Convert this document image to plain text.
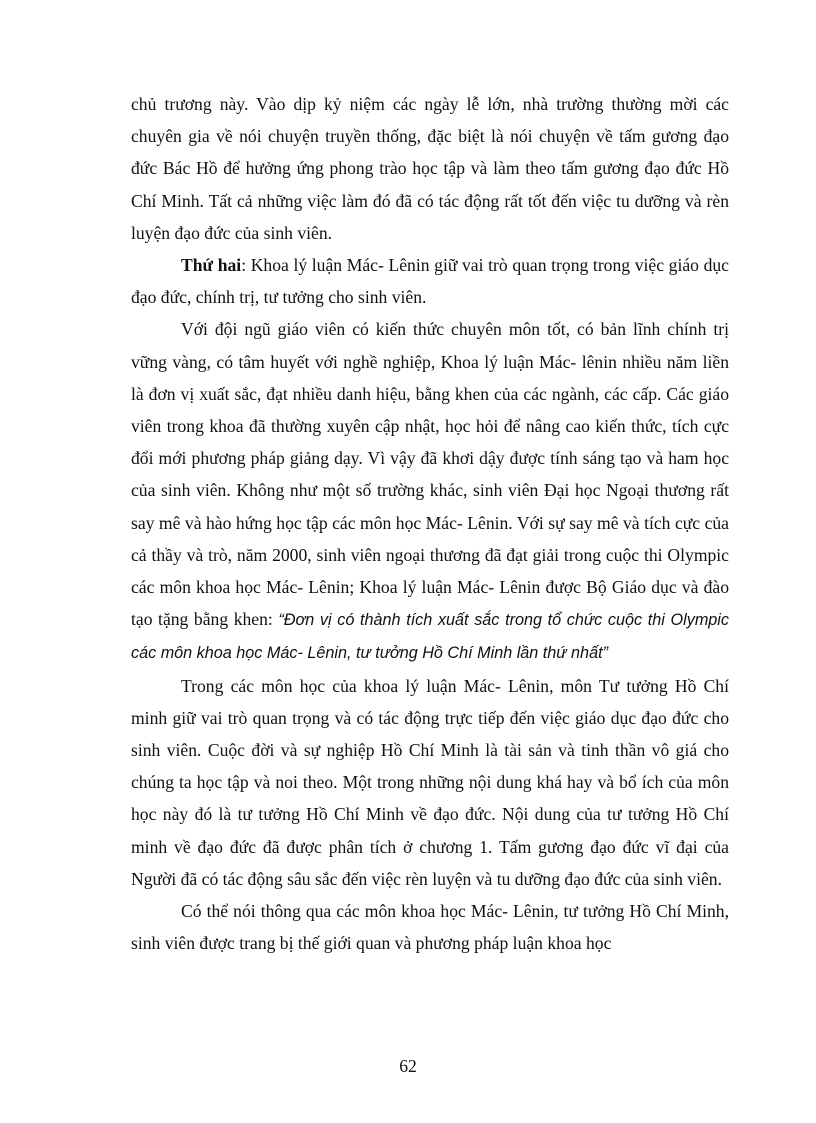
chủ trương này. Vào dịp kỷ niệm các ngày lễ lớn, nhà trường thường mời các chuyên gia về nói chuyện truyền thống, đặc biệt là nói chuyện về tấm gương đạo đức Bác Hồ để hưởng ứng phong trào học tập và làm theo tấm gương đạo đức Hồ Chí Minh. Tất cả những việc làm đó đã có tác động rất tốt đến việc tu dưỡng và rèn luyện đạo đức của sinh viên.

Thứ hai: Khoa lý luận Mác- Lênin giữ vai trò quan trọng trong việc giáo dục đạo đức, chính trị, tư tưởng cho sinh viên.

Với đội ngũ giáo viên có kiến thức chuyên môn tốt, có bản lĩnh chính trị vững vàng, có tâm huyết với nghề nghiệp, Khoa lý luận Mác- lênin nhiều năm liền là đơn vị xuất sắc, đạt nhiều danh hiệu, bằng khen của các ngành, các cấp. Các giáo viên trong khoa đã thường xuyên cập nhật, học hỏi để nâng cao kiến thức, tích cực đổi mới phương pháp giảng dạy. Vì vậy đã khơi dậy được tính sáng tạo và ham học của sinh viên. Không như một số trường khác, sinh viên Đại học Ngoại thương rất say mê và hào hứng học tập các môn học Mác- Lênin. Với sự say mê và tích cực của cả thầy và trò, năm 2000, sinh viên ngoại thương đã đạt giải trong cuộc thi Olympic các môn khoa học Mác- Lênin; Khoa lý luận Mác- Lênin được Bộ Giáo dục và đào tạo tặng bằng khen: “Đơn vị có thành tích xuất sắc trong tổ chức cuộc thi Olympic các môn khoa học Mác- Lênin, tư tưởng Hồ Chí Minh lần thứ nhất”

Trong các môn học của khoa lý luận Mác- Lênin, môn Tư tưởng Hồ Chí minh giữ vai trò quan trọng và có tác động trực tiếp đến việc giáo dục đạo đức cho sinh viên. Cuộc đời và sự nghiệp Hồ Chí Minh là tài sản và tinh thần vô giá cho chúng ta học tập và noi theo. Một trong những nội dung khá hay và bổ ích của môn học này đó là tư tưởng Hồ Chí Minh về đạo đức. Nội dung của tư tưởng Hồ Chí minh về đạo đức đã được phân tích ở chương 1. Tấm gương đạo đức vĩ đại của Người đã có tác động sâu sắc đến việc rèn luyện và tu dưỡng đạo đức của sinh viên.

Có thể nói thông qua các môn khoa học Mác- Lênin, tư tưởng Hồ Chí Minh, sinh viên được trang bị thế giới quan và phương pháp luận khoa học

62
